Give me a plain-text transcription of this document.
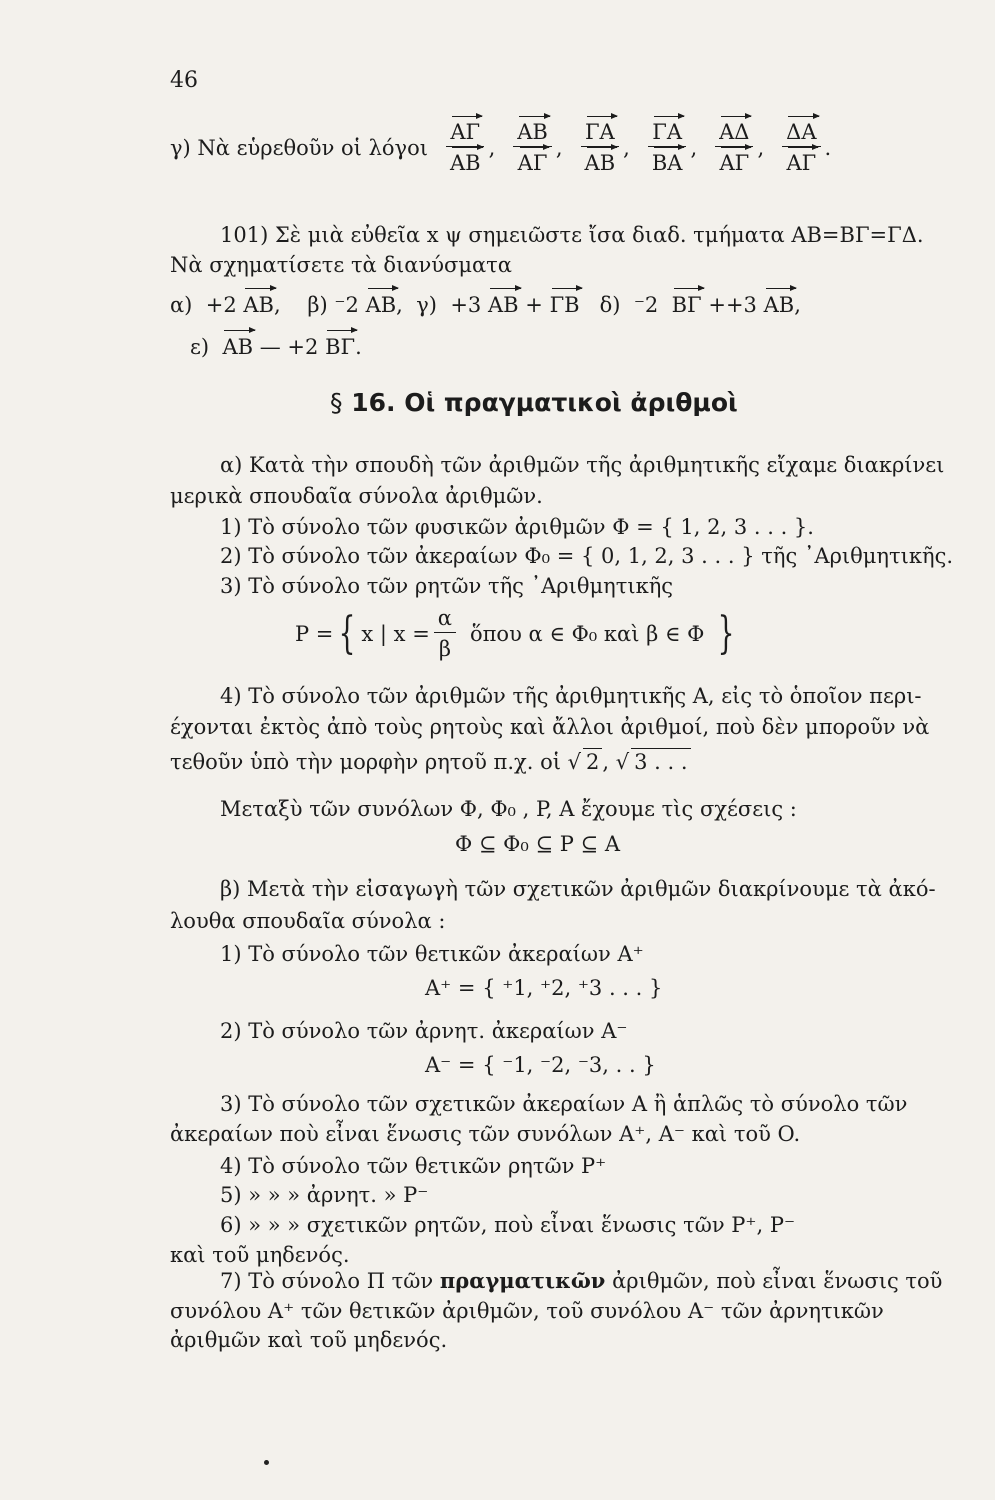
46
γ) Νὰ εὑρεθοῦν οἱ λόγοι $\frac{A\Gamma}{AB}$ , $\frac{AB}{A\Gamma}$ , $\frac{\Gamma A}{AB}$ , $\frac{\Gamma A}{BA}$ , $\frac{A\Delta}{A\Gamma}$ , $\frac{\Delta A}{A\Gamma}$ .
101) Σὲ μιὰ εὐθεῖα x ψ σημειῶστε ἴσα διαδ. τμήματα ΑΒ=ΒΓ=ΓΔ.
Νὰ σχηματίσετε τὰ διανύσματα
α) +2 ΑΒ,    β) ⁻2 ΑΒ,  γ) +3 ΑΒ + ΓΒ δ) ⁻2 ΒΓ ++3 ΑΒ,
ε) ΑΒ — +2 ΒΓ.
§ 16. Οἱ πραγματικοὶ ἀριθμοὶ
α) Κατὰ τὴν σπουδὴ τῶν ἀριθμῶν τῆς ἀριθμητικῆς εἴχαμε διακρίνει
μερικὰ σπουδαῖα σύνολα ἀριθμῶν.
1) Τὸ σύνολο τῶν φυσικῶν ἀριθμῶν Φ = { 1, 2, 3 . . . }.
2) Τὸ σύνολο τῶν ἀκεραίων Φ₀ = { 0, 1, 2, 3 . . . } τῆς ᾿Αριθμητικῆς.
3) Τὸ σύνολο τῶν ρητῶν τῆς ᾿Αριθμητικῆς
P = { x | $x = \frac{\alpha}{\beta}$ ὅπου α ∈ Φ₀ καὶ β ∈ Φ }
4) Τὸ σύνολο τῶν ἀριθμῶν τῆς ἀριθμητικῆς Α, εἰς τὸ ὁποῖον περι-
έχονται ἐκτὸς ἀπὸ τοὺς ρητοὺς καὶ ἄλλοι ἀριθμοί, ποὺ δὲν μποροῦν νὰ
τεθοῦν ὑπὸ τὴν μορφὴν ρητοῦ π.χ. οἱ √ 2 , √ 3 . . .
Μεταξὺ τῶν συνόλων Φ, Φ₀ , P, A ἔχουμε τὶς σχέσεις :
Φ ⊆ Φ₀ ⊆ P ⊆ A
β) Μετὰ τὴν εἰσαγωγὴ τῶν σχετικῶν ἀριθμῶν διακρίνουμε τὰ ἀκό-
λουθα σπουδαῖα σύνολα :
1) Τὸ σύνολο τῶν θετικῶν ἀκεραίων A⁺
A⁺ = { ⁺1, ⁺2, ⁺3 . . . }
2) Τὸ σύνολο τῶν ἀρνητ. ἀκεραίων A⁻
A⁻ = { ⁻1, ⁻2, ⁻3, . . }
3) Τὸ σύνολο τῶν σχετικῶν ἀκεραίων A ἢ ἁπλῶς τὸ σύνολο τῶν
ἀκεραίων ποὺ εἶναι ἕνωσις τῶν συνόλων A⁺, A⁻ καὶ τοῦ O.
4) Τὸ σύνολο τῶν θετικῶν ρητῶν P⁺
5) » » » ἀρνητ. » P⁻
6) » » » σχετικῶν ρητῶν, ποὺ εἶναι ἕνωσις τῶν P⁺, P⁻
καὶ τοῦ μηδενός.
7) Τὸ σύνολο Π τῶν πραγματικῶν ἀριθμῶν, ποὺ εἶναι ἕνωσις τοῦ
συνόλου A⁺ τῶν θετικῶν ἀριθμῶν, τοῦ συνόλου A⁻ τῶν ἀρνητικῶν
ἀριθμῶν καὶ τοῦ μηδενός.
